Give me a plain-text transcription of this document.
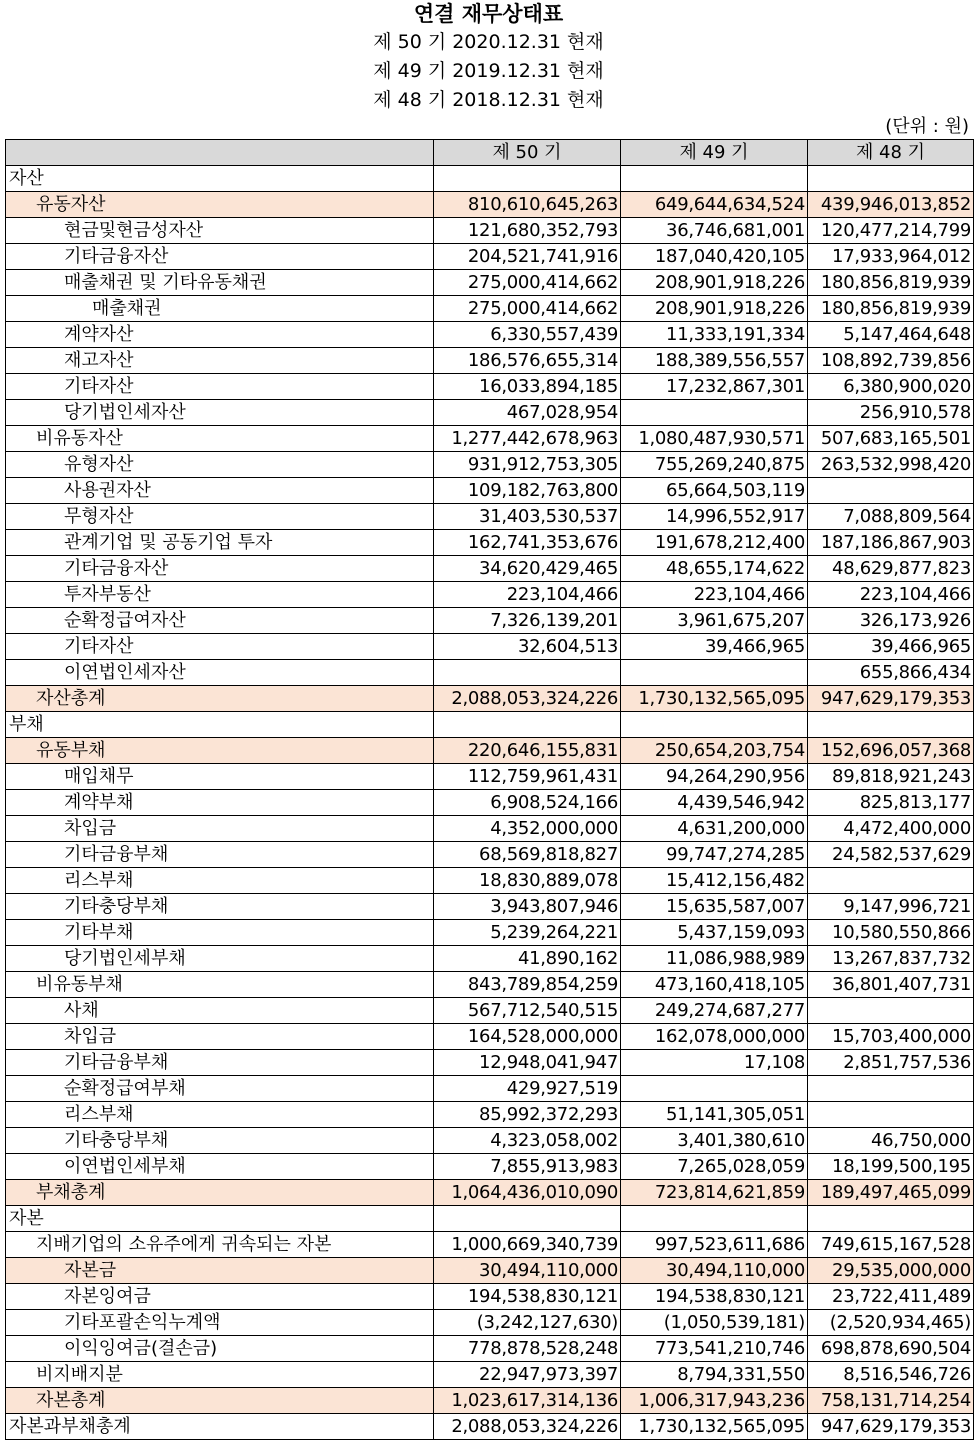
연결 재무상태표
제 50 기 2020.12.31 현재
제 49 기 2019.12.31 현재
제 48 기 2018.12.31 현재
(단위 : 원)
	제 50 기	제 49 기	제 48 기
자산			
유동자산	810,610,645,263	649,644,634,524	439,946,013,852
현금및현금성자산	121,680,352,793	36,746,681,001	120,477,214,799
기타금융자산	204,521,741,916	187,040,420,105	17,933,964,012
매출채권 및 기타유동채권	275,000,414,662	208,901,918,226	180,856,819,939
매출채권	275,000,414,662	208,901,918,226	180,856,819,939
계약자산	6,330,557,439	11,333,191,334	5,147,464,648
재고자산	186,576,655,314	188,389,556,557	108,892,739,856
기타자산	16,033,894,185	17,232,867,301	6,380,900,020
당기법인세자산	467,028,954		256,910,578
비유동자산	1,277,442,678,963	1,080,487,930,571	507,683,165,501
유형자산	931,912,753,305	755,269,240,875	263,532,998,420
사용권자산	109,182,763,800	65,664,503,119	
무형자산	31,403,530,537	14,996,552,917	7,088,809,564
관계기업 및 공동기업 투자	162,741,353,676	191,678,212,400	187,186,867,903
기타금융자산	34,620,429,465	48,655,174,622	48,629,877,823
투자부동산	223,104,466	223,104,466	223,104,466
순확정급여자산	7,326,139,201	3,961,675,207	326,173,926
기타자산	32,604,513	39,466,965	39,466,965
이연법인세자산			655,866,434
자산총계	2,088,053,324,226	1,730,132,565,095	947,629,179,353
부채			
유동부채	220,646,155,831	250,654,203,754	152,696,057,368
매입채무	112,759,961,431	94,264,290,956	89,818,921,243
계약부채	6,908,524,166	4,439,546,942	825,813,177
차입금	4,352,000,000	4,631,200,000	4,472,400,000
기타금융부채	68,569,818,827	99,747,274,285	24,582,537,629
리스부채	18,830,889,078	15,412,156,482	
기타충당부채	3,943,807,946	15,635,587,007	9,147,996,721
기타부채	5,239,264,221	5,437,159,093	10,580,550,866
당기법인세부채	41,890,162	11,086,988,989	13,267,837,732
비유동부채	843,789,854,259	473,160,418,105	36,801,407,731
사채	567,712,540,515	249,274,687,277	
차입금	164,528,000,000	162,078,000,000	15,703,400,000
기타금융부채	12,948,041,947	17,108	2,851,757,536
순확정급여부채	429,927,519		
리스부채	85,992,372,293	51,141,305,051	
기타충당부채	4,323,058,002	3,401,380,610	46,750,000
이연법인세부채	7,855,913,983	7,265,028,059	18,199,500,195
부채총계	1,064,436,010,090	723,814,621,859	189,497,465,099
자본			
지배기업의 소유주에게 귀속되는 자본	1,000,669,340,739	997,523,611,686	749,615,167,528
자본금	30,494,110,000	30,494,110,000	29,535,000,000
자본잉여금	194,538,830,121	194,538,830,121	23,722,411,489
기타포괄손익누계액	(3,242,127,630)	(1,050,539,181)	(2,520,934,465)
이익잉여금(결손금)	778,878,528,248	773,541,210,746	698,878,690,504
비지배지분	22,947,973,397	8,794,331,550	8,516,546,726
자본총계	1,023,617,314,136	1,006,317,943,236	758,131,714,254
자본과부채총계	2,088,053,324,226	1,730,132,565,095	947,629,179,353
